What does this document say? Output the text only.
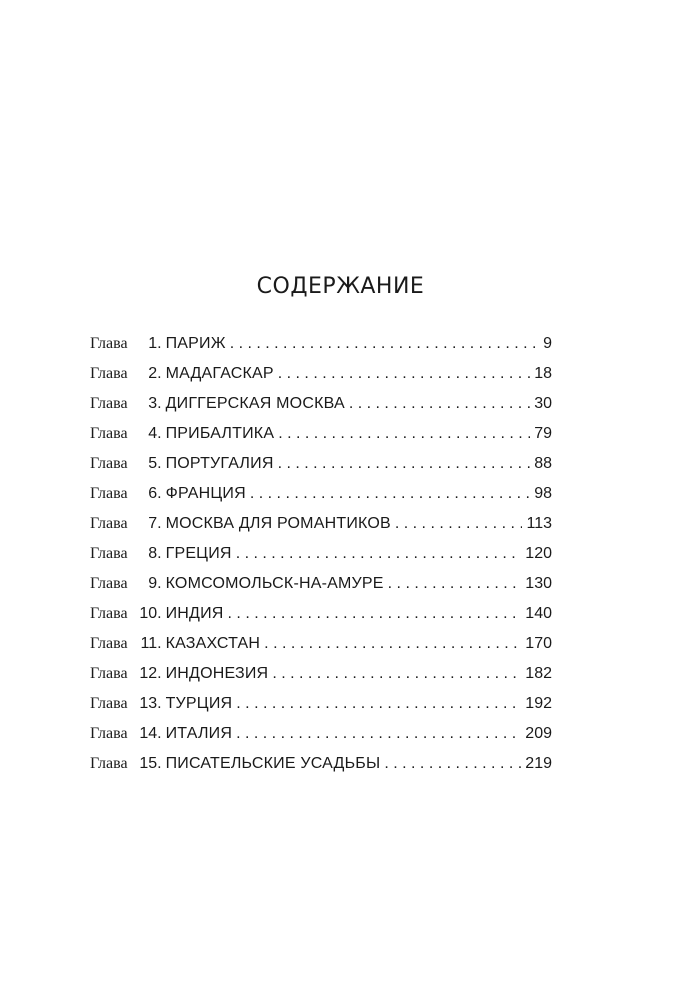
СОДЕРЖАНИЕ
Глава	1. ПАРИЖ . . .	9
Глава	2. МАДАГАСКАР . . .	18
Глава	3. ДИГГЕРСКАЯ МОСКВА . . .	30
Глава	4. ПРИБАЛТИКА . . .	79
Глава	5. ПОРТУГАЛИЯ . . .	88
Глава	6. ФРАНЦИЯ . . .	98
Глава	7. МОСКВА ДЛЯ РОМАНТИКОВ . . .	113
Глава	8. ГРЕЦИЯ . . .	120
Глава	9. КОМСОМОЛЬСК-НА-АМУРЕ . . .	130
Глава 10. ИНДИЯ . . .	140
Глава 11. КАЗАХСТАН . . .	170
Глава 12. ИНДОНЕЗИЯ . . .	182
Глава 13. ТУРЦИЯ . . .	192
Глава 14. ИТАЛИЯ . . .	209
Глава 15. ПИСАТЕЛЬСКИЕ УСАДЬБЫ . . .	219
